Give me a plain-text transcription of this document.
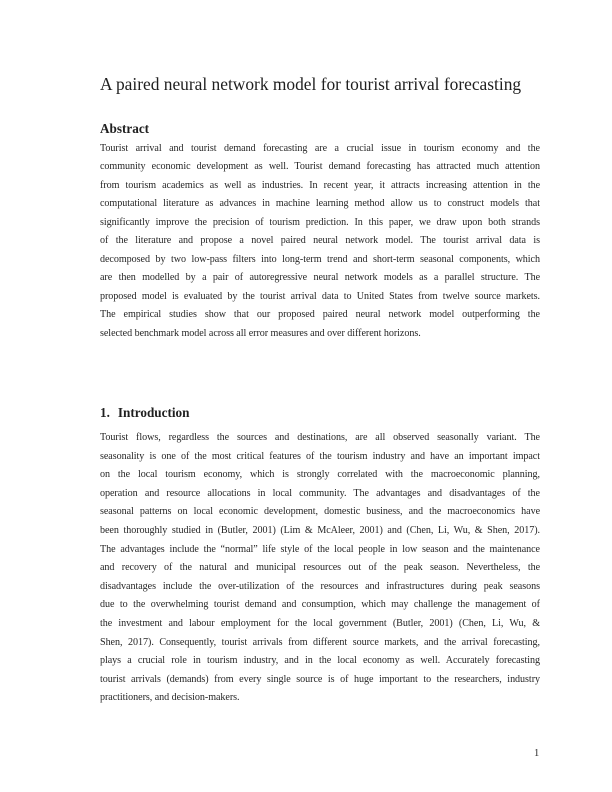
A paired neural network model for tourist arrival forecasting
Abstract
Tourist arrival and tourist demand forecasting are a crucial issue in tourism economy and the
community economic development as well. Tourist demand forecasting has attracted much attention
from tourism academics as well as industries. In recent year, it attracts increasing attention in the
computational literature as advances in machine learning method allow us to construct models that
significantly improve the precision of tourism prediction. In this paper, we draw upon both strands
of the literature and propose a novel paired neural network model. The tourist arrival data is
decomposed by two low-pass filters into long-term trend and short-term seasonal components, which
are then modelled by a pair of autoregressive neural network models as a parallel structure. The
proposed model is evaluated by the tourist arrival data to United States from twelve source markets.
The empirical studies show that our proposed paired neural network model outperforming the
selected benchmark model across all error measures and over different horizons.
1. Introduction
Tourist flows, regardless the sources and destinations, are all observed seasonally variant. The
seasonality is one of the most critical features of the tourism industry and have an important impact
on the local tourism economy, which is strongly correlated with the macroeconomic planning,
operation and resource allocations in local community. The advantages and disadvantages of the
seasonal patterns on local economic development, domestic business, and the macroeconomics have
been thoroughly studied in (Butler, 2001) (Lim & McAleer, 2001) and (Chen, Li, Wu, & Shen, 2017).
The advantages include the “normal” life style of the local people in low season and the maintenance
and recovery of the natural and municipal resources out of the peak season. Nevertheless, the
disadvantages include the over-utilization of the resources and infrastructures during peak seasons
due to the overwhelming tourist demand and consumption, which may challenge the management of
the investment and labour employment for the local government (Butler, 2001) (Chen, Li, Wu, &
Shen, 2017). Consequently, tourist arrivals from different source markets, and the arrival forecasting,
plays a crucial role in tourism industry, and in the local economy as well. Accurately forecasting
tourist arrivals (demands) from every single source is of huge important to the researchers, industry
practitioners, and decision-makers.
1
